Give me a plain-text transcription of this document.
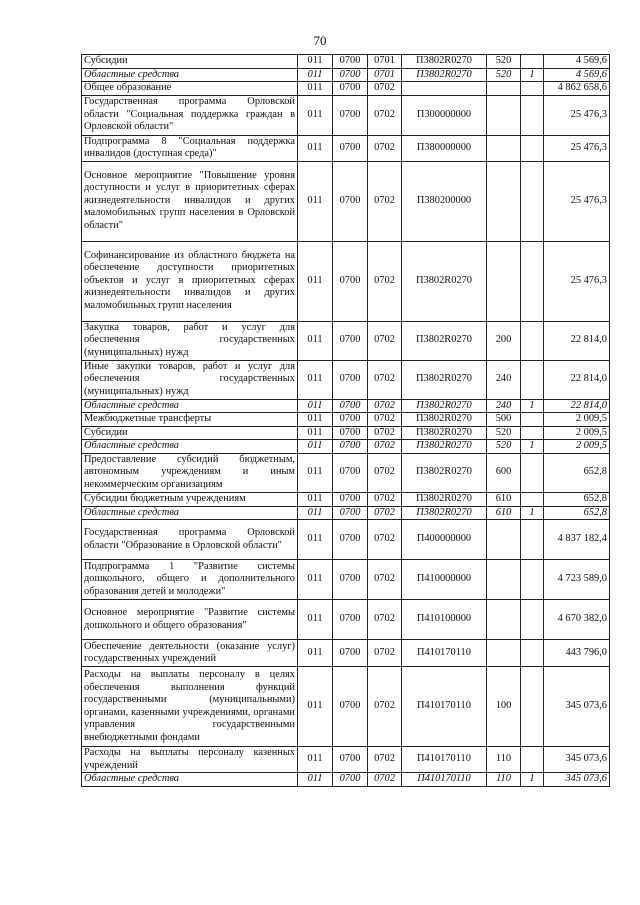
70
Субсидии	011	0700	0701	П3802R0270	520		4 569,6
Областные средства	011	0700	0701	П3802R0270	520	1	4 569,6
Общее образование	011	0700	0702				4 862 658,6
Государственная программа Орловской области "Социальная поддержка граждан в Орловской области"	011	0700	0702	П300000000			25 476,3
Подпрограмма 8 "Социальная поддержка инвалидов (доступная среда)"	011	0700	0702	П380000000			25 476,3
Основное мероприятие "Повышение уровня доступности и услуг в приоритетных сферах жизнедеятельности инвалидов и других маломобильных групп населения в Орловской области"	011	0700	0702	П380200000			25 476,3
Софинансирование из областного бюджета на обеспечение доступности приоритетных объектов и услуг в приоритетных сферах жизнедеятельности инвалидов и других маломобильных групп населения	011	0700	0702	П3802R0270			25 476,3
Закупка товаров, работ и услуг для обеспечения государственных (муниципальных) нужд	011	0700	0702	П3802R0270	200		22 814,0
Иные закупки товаров, работ и услуг для обеспечения государственных (муниципальных) нужд	011	0700	0702	П3802R0270	240		22 814,0
Областные средства	011	0700	0702	П3802R0270	240	1	22 814,0
Межбюджетные трансферты	011	0700	0702	П3802R0270	500		2 009,5
Субсидии	011	0700	0702	П3802R0270	520		2 009,5
Областные средства	011	0700	0702	П3802R0270	520	1	2 009,5
Предоставление субсидий бюджетным, автономным учреждениям и иным некоммерческим организациям	011	0700	0702	П3802R0270	600		652,8
Субсидии бюджетным учреждениям	011	0700	0702	П3802R0270	610		652,8
Областные средства	011	0700	0702	П3802R0270	610	1	652,8
Государственная программа Орловской области "Образование в Орловской области"	011	0700	0702	П400000000			4 837 182,4
Подпрограмма 1 "Развитие системы дошкольного, общего и дополнительного образования детей и молодежи"	011	0700	0702	П410000000			4 723 589,0
Основное мероприятие "Развитие системы дошкольного и общего образования"	011	0700	0702	П410100000			4 670 382,0
Обеспечение деятельности (оказание услуг) государственных учреждений	011	0700	0702	П410170110			443 796,0
Расходы на выплаты персоналу в целях обеспечения выполнения функций государственными (муниципальными) органами, казенными учреждениями, органами управления государственными внебюджетными фондами	011	0700	0702	П410170110	100		345 073,6
Расходы на выплаты персоналу казенных учреждений	011	0700	0702	П410170110	110		345 073,6
Областные средства	011	0700	0702	П410170110	110	1	345 073,6
